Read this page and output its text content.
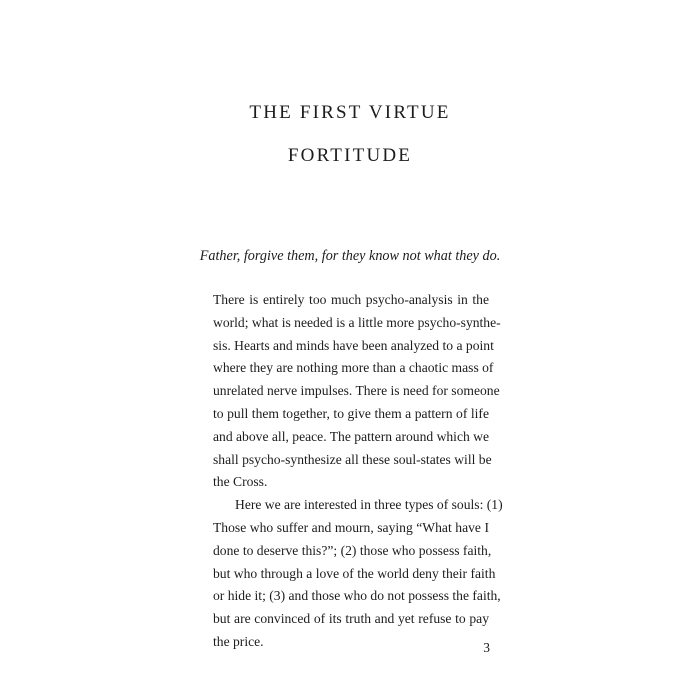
THE FIRST VIRTUE
FORTITUDE

Father, forgive them, for they know not what they do.

There is entirely too much psycho-analysis in the
world; what is needed is a little more psycho-synthe-
sis. Hearts and minds have been analyzed to a point
where they are nothing more than a chaotic mass of
unrelated nerve impulses. There is need for someone
to pull them together, to give them a pattern of life
and above all, peace. The pattern around which we
shall psycho-synthesize all these soul-states will be
the Cross.

Here we are interested in three types of souls: (1)
Those who suffer and mourn, saying “What have I
done to deserve this?”; (2) those who possess faith,
but who through a love of the world deny their faith
or hide it; (3) and those who do not possess the faith,
but are convinced of its truth and yet refuse to pay
the price.	3
